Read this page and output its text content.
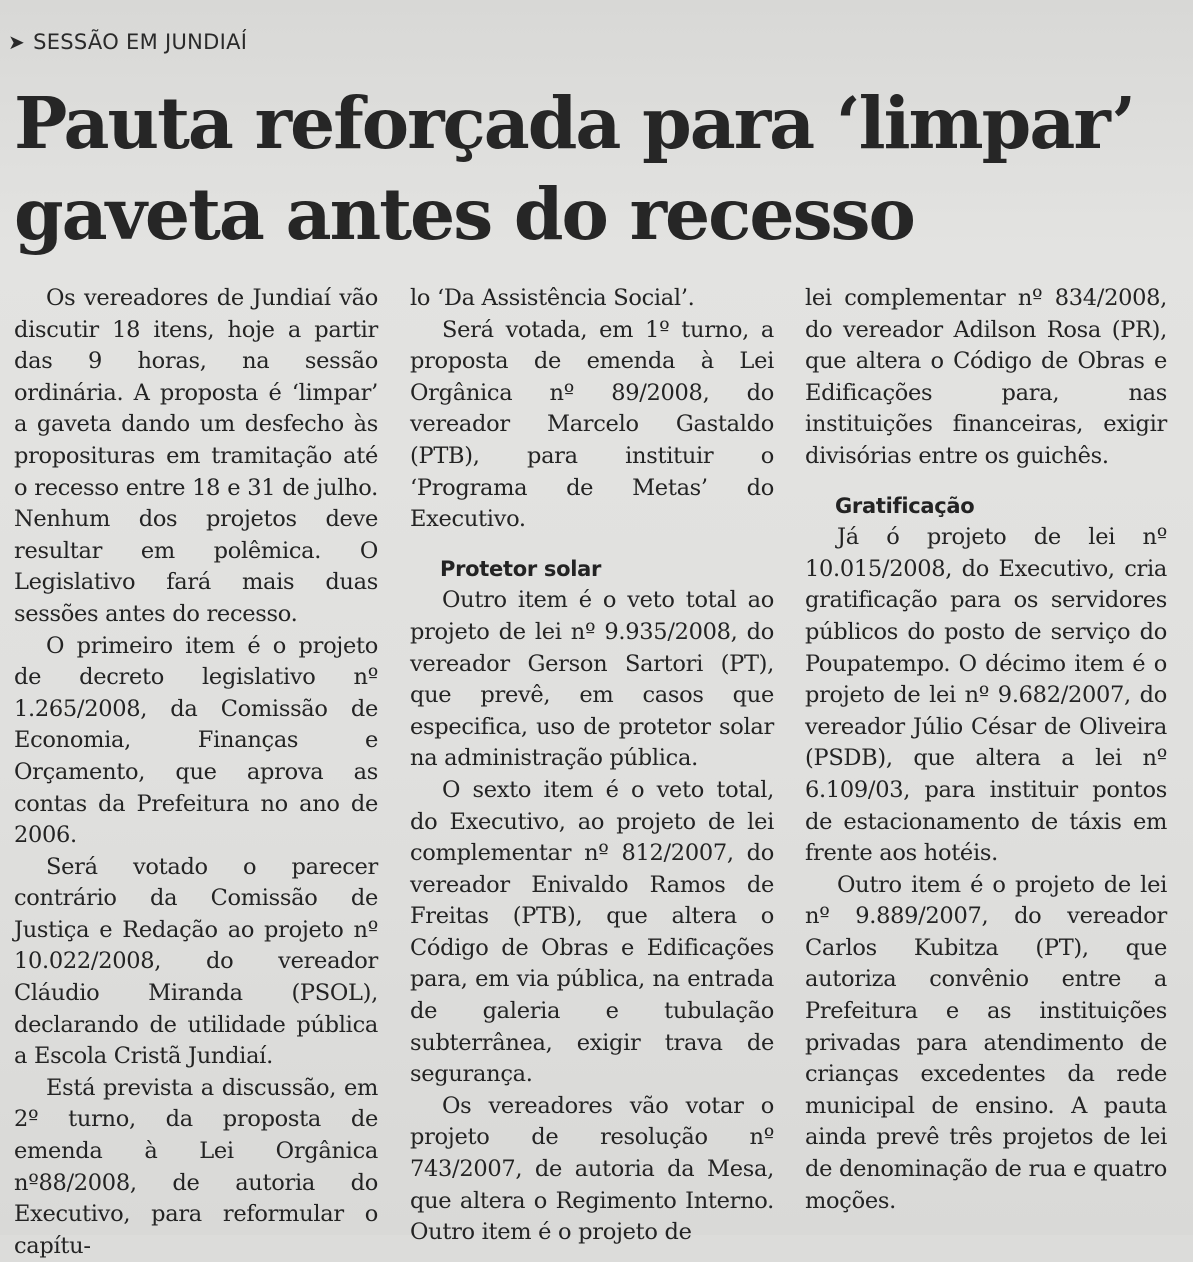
➤ SESSÃO EM JUNDIAÍ
Pauta reforçada para ‘limpar’
gaveta antes do recesso

Os vereadores de Jundiaí vão discutir 18 itens, hoje a partir das 9 horas, na sessão ordinária. A proposta é ‘limpar’ a gaveta dando um desfecho às proposituras em tramitação até o recesso entre 18 e 31 de julho. Nenhum dos projetos deve resultar em polêmica. O Legislativo fará mais duas sessões antes do recesso.

O primeiro item é o projeto de decreto legislativo nº 1.265/2008, da Comissão de Economia, Finanças e Orçamento, que aprova as contas da Prefeitura no ano de 2006.

Será votado o parecer contrário da Comissão de Justiça e Redação ao projeto nº 10.022/2008, do vereador Cláudio Miranda (PSOL), declarando de utilidade pública a Escola Cristã Jundiaí.

Está prevista a discussão, em 2º turno, da proposta de emenda à Lei Orgânica nº88/2008, de autoria do Executivo, para reformular o capítu-

lo ‘Da Assistência Social’.

Será votada, em 1º turno, a proposta de emenda à Lei Orgânica nº 89/2008, do vereador Marcelo Gastaldo (PTB), para instituir o ‘Programa de Metas’ do Executivo.

Protetor solar

Outro item é o veto total ao projeto de lei nº 9.935/2008, do vereador Gerson Sartori (PT), que prevê, em casos que especifica, uso de protetor solar na administração pública.

O sexto item é o veto total, do Executivo, ao projeto de lei complementar nº 812/2007, do vereador Enivaldo Ramos de Freitas (PTB), que altera o Código de Obras e Edificações para, em via pública, na entrada de galeria e tubulação subterrânea, exigir trava de segurança.

Os vereadores vão votar o projeto de resolução nº 743/2007, de autoria da Mesa, que altera o Regimento Interno. Outro item é o projeto de

lei complementar nº 834/2008, do vereador Adilson Rosa (PR), que altera o Código de Obras e Edificações para, nas instituições financeiras, exigir divisórias entre os guichês.

Gratificação

Já ó projeto de lei nº 10.015/2008, do Executivo, cria gratificação para os servidores públicos do posto de serviço do Poupatempo. O décimo item é o projeto de lei nº 9.682/2007, do vereador Júlio César de Oliveira (PSDB), que altera a lei nº 6.109/03, para instituir pontos de estacionamento de táxis em frente aos hotéis.

Outro item é o projeto de lei nº 9.889/2007, do vereador Carlos Kubitza (PT), que autoriza convênio entre a Prefeitura e as instituições privadas para atendimento de crianças excedentes da rede municipal de ensino. A pauta ainda prevê três projetos de lei de denominação de rua e quatro moções.
